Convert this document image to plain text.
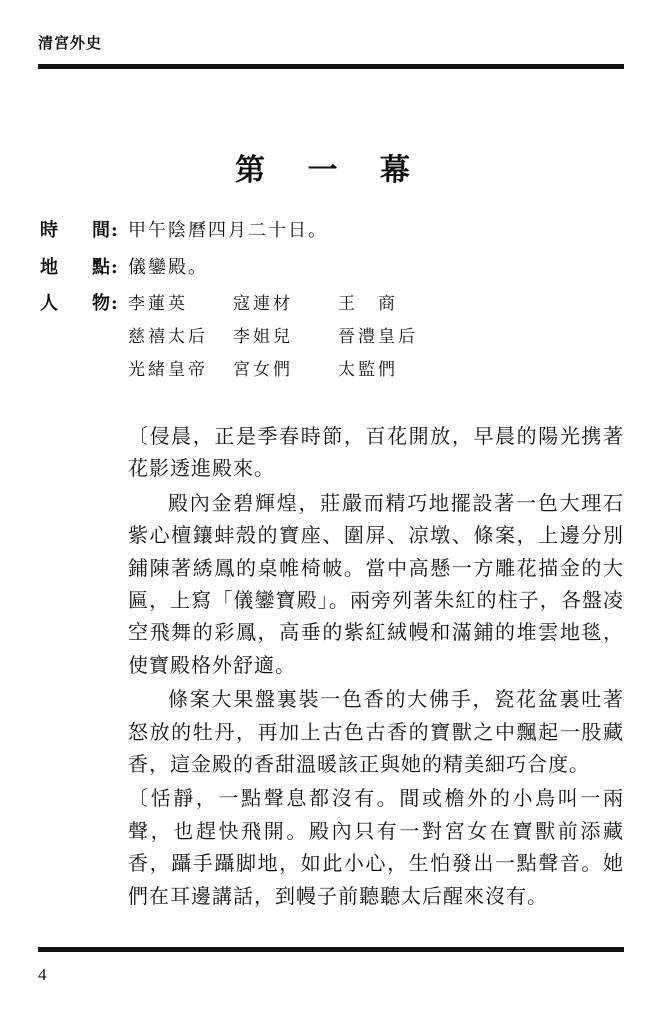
清宮外史
第 一 幕
時間 : 甲午陰曆四月二十日。
地點 : 儀鑾殿。
人物 : 李蓮英	寇連材	王　商
慈禧太后 李姐兒	晉澧皇后
光緒皇帝 宮女們	太監們

〔侵晨，正是季春時節，百花開放，早晨的陽光携著花影透進殿來。

殿內金碧輝煌，莊嚴而精巧地擺設著一色大理石紫心檀鑲蚌殼的寶座、圍屏、凉墩、條案，上邊分別鋪陳著綉鳳的桌帷椅帔。當中高懸一方雕花描金的大匾，上寫「儀鑾寶殿」。兩旁列著朱紅的柱子，各盤凌空飛舞的彩鳳，高垂的紫紅絨幔和滿鋪的堆雲地毯，使寶殿格外舒適。

條案大果盤裏裝一色香的大佛手，瓷花盆裏吐著怒放的牡丹，再加上古色古香的寶獸之中飄起一股藏香，這金殿的香甜溫暖該正與她的精美細巧合度。

〔恬靜，一點聲息都沒有。間或檐外的小鳥叫一兩聲，也趕快飛開。殿內只有一對宮女在寶獸前添藏香，躡手躡脚地，如此小心，生怕發出一點聲音。她們在耳邊講話，到幔子前聽聽太后醒來沒有。

4
